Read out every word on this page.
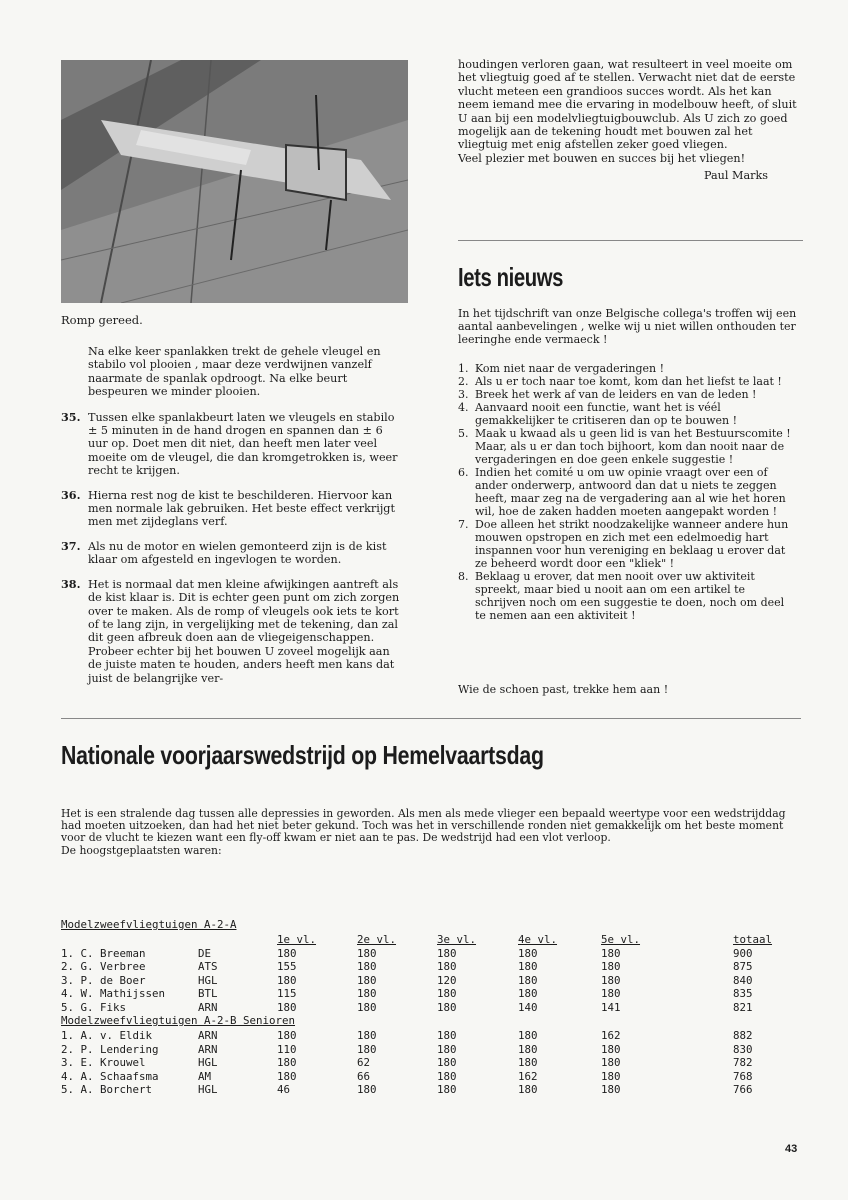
Romp gereed.

Na elke keer spanlakken trekt de gehele vleugel en stabilo vol plooien , maar deze verdwijnen vanzelf naarmate de spanlak opdroogt. Na elke beurt bespeuren we minder plooien.

35. Tussen elke spanlakbeurt laten we vleugels en stabilo ± 5 minuten in de hand drogen en spannen dan ± 6 uur op. Doet men dit niet, dan heeft men later veel moeite om de vleugel, die dan kromgetrokken is, weer recht te krijgen.
36. Hierna rest nog de kist te beschilderen. Hiervoor kan men normale lak gebruiken. Het beste effect verkrijgt men met zijdeglans verf.
37. Als nu de motor en wielen gemonteerd zijn is de kist klaar om afgesteld en ingevlogen te worden.
38. Het is normaal dat men kleine afwijkingen aantreft als de kist klaar is. Dit is echter geen punt om zich zorgen over te maken. Als de romp of vleugels ook iets te kort of te lang zijn, in vergelijking met de tekening, dan zal dit geen afbreuk doen aan de vliegeigenschappen. Probeer echter bij het bouwen U zoveel mogelijk aan de juiste maten te houden, anders heeft men kans dat juist de belangrijke ver-

houdingen verloren gaan, wat resulteert in veel moeite om het vliegtuig goed af te stellen. Verwacht niet dat de eerste vlucht meteen een grandioos succes wordt. Als het kan neem iemand mee die ervaring in modelbouw heeft, of sluit U aan bij een modelvliegtuigbouwclub. Als U zich zo goed mogelijk aan de tekening houdt met bouwen zal het vliegtuig met enig afstellen zeker goed vliegen.

Veel plezier met bouwen en succes bij het vliegen!

Paul Marks

Iets nieuws
In het tijdschrift van onze Belgische collega's troffen wij een aantal aanbevelingen , welke wij u niet willen onthouden ter leeringhe ende vermaeck !
1. Kom niet naar de vergaderingen !
2. Als u er toch naar toe komt, kom dan het liefst te laat !
3. Breek het werk af van de leiders en van de leden !
4. Aanvaard nooit een functie, want het is véél gemakkelijker te critiseren dan op te bouwen !
5. Maak u kwaad als u geen lid is van het Bestuurscomite ! Maar, als u er dan toch bijhoort, kom dan nooit naar de vergaderingen en doe geen enkele suggestie !
6. Indien het comité u om uw opinie vraagt over een of ander onderwerp, antwoord dan dat u niets te zeggen heeft, maar zeg na de vergadering aan al wie het horen wil, hoe de zaken hadden moeten aangepakt worden !
7. Doe alleen het strikt noodzakelijke wanneer andere hun mouwen opstropen en zich met een edelmoedig hart inspannen voor hun vereniging en beklaag u erover dat ze beheerd wordt door een "kliek" !
8. Beklaag u erover, dat men nooit over uw aktiviteit spreekt, maar bied u nooit aan om een artikel te schrijven noch om een suggestie te doen, noch om deel te nemen aan een aktiviteit !
Wie de schoen past, trekke hem aan !
Nationale voorjaarswedstrijd op Hemelvaartsdag
Het is een stralende dag tussen alle depressies in geworden. Als men als mede vlieger een bepaald weertype voor een wedstrijddag had moeten uitzoeken, dan had het niet beter gekund. Toch was het in verschillende ronden niet gemakkelijk om het beste moment voor de vlucht te kiezen want een fly-off kwam er niet aan te pas. De wedstrijd had een vlot verloop.
De hoogstgeplaatsten waren:
Modelzweefvliegtuigen A-2-A							
		1e vl.	2e vl.	3e vl.	4e vl.	5e vl.	totaal
1. C. Breeman	DE	180	180	180	180	180	900
2. G. Verbree	ATS	155	180	180	180	180	875
3. P. de Boer	HGL	180	180	120	180	180	840
4. W. Mathijssen	BTL	115	180	180	180	180	835
5. G. Fiks	ARN	180	180	180	140	141	821
Modelzweefvliegtuigen A-2-B Senioren							
1. A. v. Eldik	ARN	180	180	180	180	162	882
2. P. Lendering	ARN	110	180	180	180	180	830
3. E. Krouwel	HGL	180	62	180	180	180	782
4. A. Schaafsma	AM	180	66	180	162	180	768
5. A. Borchert	HGL	46	180	180	180	180	766
43
